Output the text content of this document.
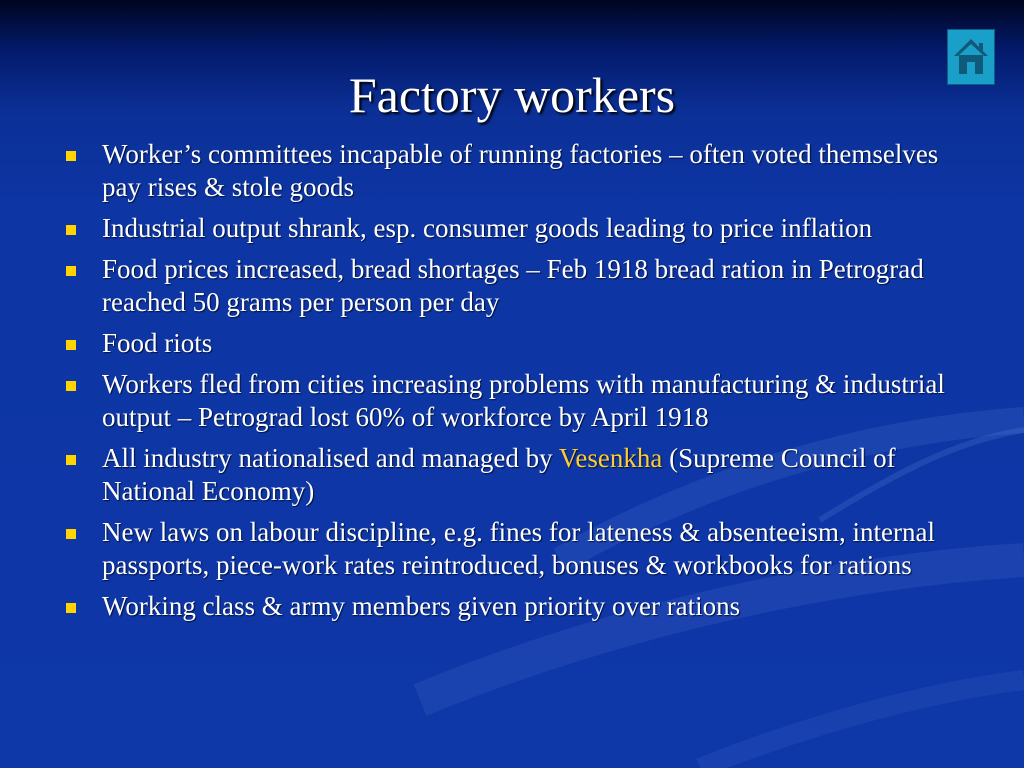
Factory workers
Worker’s committees incapable of running factories – often voted themselves pay rises & stole goods
Industrial output shrank, esp. consumer goods leading to price inflation
Food prices increased, bread shortages – Feb 1918 bread ration in Petrograd reached 50 grams per person per day
Food riots
Workers fled from cities increasing problems with manufacturing & industrial output – Petrograd lost 60% of workforce by April 1918
All industry nationalised and managed by Vesenkha (Supreme Council of National Economy)
New laws on labour discipline, e.g. fines for lateness & absenteeism, internal passports, piece-work rates reintroduced, bonuses & workbooks for rations
Working class & army members given priority over rations
